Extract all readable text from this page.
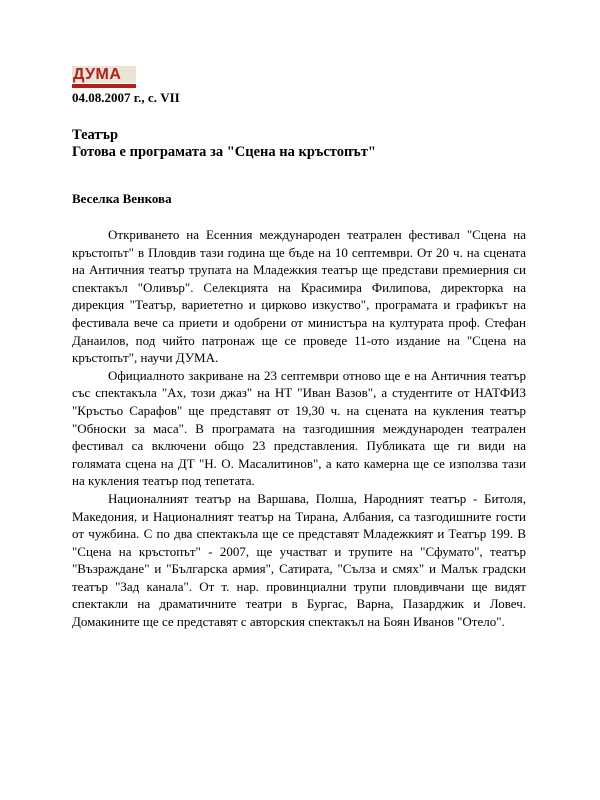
ДУМА
04.08.2007 г., с. VII
Театър
Готова е програмата за "Сцена на кръстопът"
Веселка Венкова

Откриването на Есенния международен театрален фестивал "Сцена на кръстопът" в Пловдив тази година ще бъде на 10 септември. От 20 ч. на сцената на Античния театър трупата на Младежкия театър ще представи премиерния си спектакъл "Оливър". Селекцията на Красимира Филипова, директорка на дирекция "Театър, вариететно и цирково изкуство", програмата и графикът на фестивала вече са приети и одобрени от министъра на културата проф. Стефан Данаилов, под чийто патронаж ще се проведе 11-ото издание на "Сцена на кръстопът", научи ДУМА.

Официалното закриване на 23 септември отново ще е на Античния театър със спектакъла "Ах, този джаз" на НТ "Иван Вазов", а студентите от НАТФИЗ "Кръстьо Сарафов" ще представят от 19,30 ч. на сцената на кукления театър "Обноски за маса". В програмата на тазгодишния международен театрален фестивал са включени общо 23 представления. Публиката ще ги види на голямата сцена на ДТ "Н. О. Масалитинов", а като камерна ще се използва тази на кукления театър под тепетата.

Националният театър на Варшава, Полша, Народният театър - Битоля, Македония, и Националният театър на Тирана, Албания, са тазгодишните гости от чужбина. С по два спектакъла ще се представят Младежкият и Театър 199. В "Сцена на кръстопът" - 2007, ще участват и трупите на "Сфумато", театър "Възраждане" и "Българска армия", Сатирата, "Сълза и смях" и Малък градски театър "Зад канала". От т. нар. провинциални трупи пловдивчани ще видят спектакли на драматичните театри в Бургас, Варна, Пазарджик и Ловеч. Домакините ще се представят с авторския спектакъл на Боян Иванов "Отело".
